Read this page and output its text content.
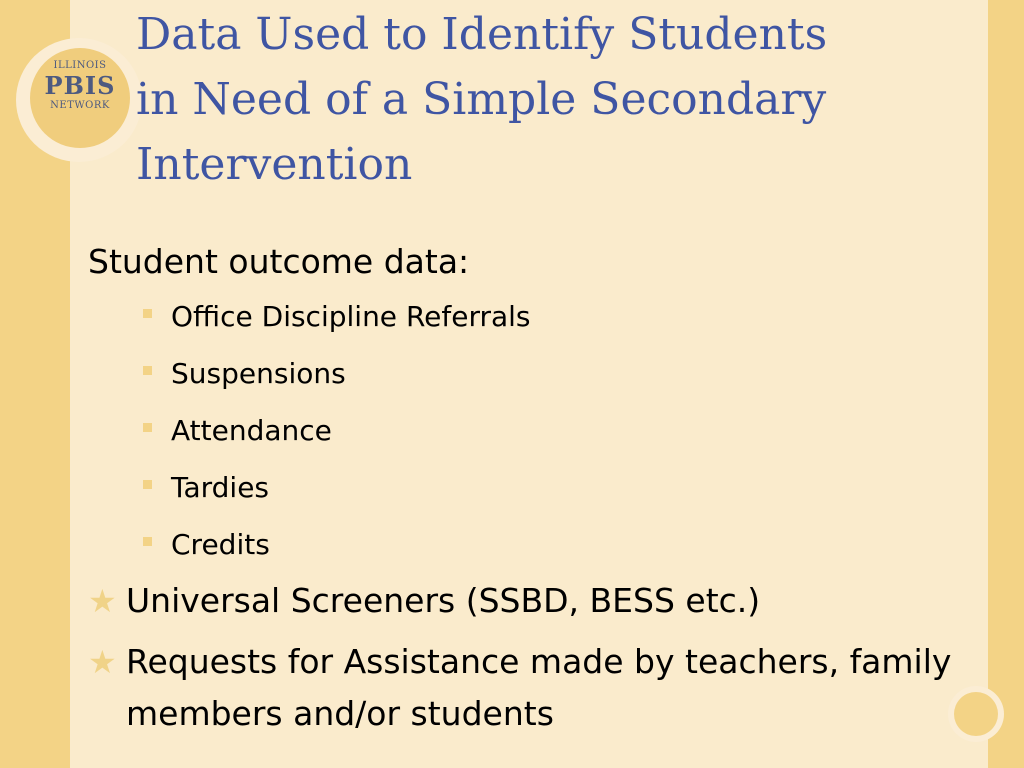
ILLINOIS
PBIS
NETWORK
Data Used to Identify Students
in Need of a Simple Secondary
Intervention
Student outcome data:
Office Discipline Referrals
Suspensions
Attendance
Tardies
Credits
★ Universal Screeners (SSBD, BESS etc.)
★ Requests for Assistance made by teachers, family members and/or students
